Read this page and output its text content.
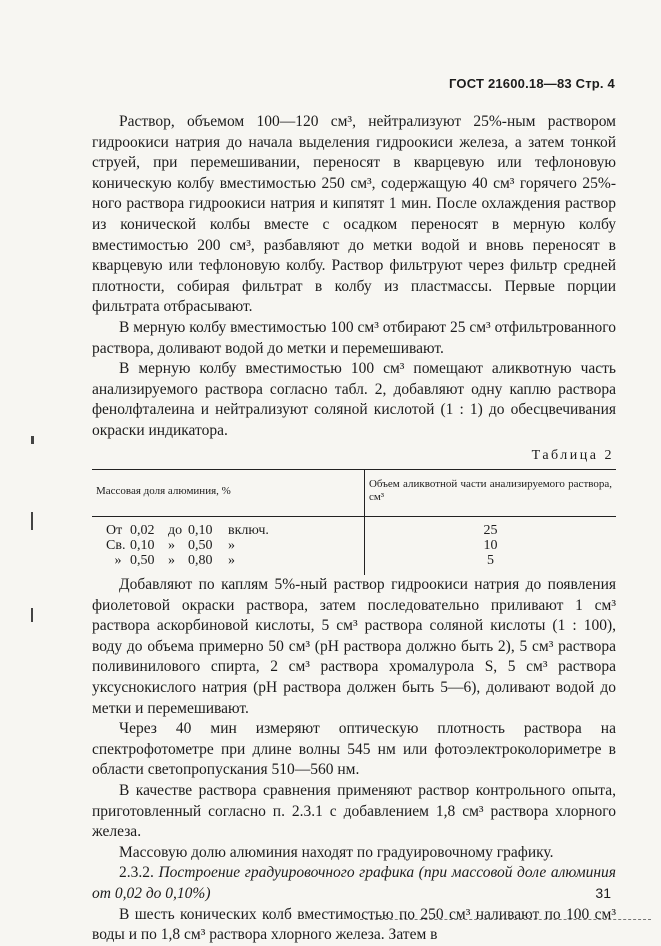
ГОСТ 21600.18—83 Стр. 4

Раствор, объемом 100—120 см³, нейтрализуют 25%-ным раствором гидроокиси натрия до начала выделения гидроокиси железа, а затем тонкой струей, при перемешивании, переносят в кварцевую или тефлоновую коническую колбу вместимостью 250 см³, содержащую 40 см³ горячего 25%-ного раствора гидроокиси натрия и кипятят 1 мин. После охлаждения раствор из конической колбы вместе с осадком переносят в мерную колбу вместимостью 200 см³, разбавляют до метки водой и вновь переносят в кварцевую или тефлоновую колбу. Раствор фильтруют через фильтр средней плотности, собирая фильтрат в колбу из пластмассы. Первые порции фильтрата отбрасывают.

В мерную колбу вместимостью 100 см³ отбирают 25 см³ отфильтрованного раствора, доливают водой до метки и перемешивают.

В мерную колбу вместимостью 100 см³ помещают аликвотную часть анализируемого раствора согласно табл. 2, добавляют одну каплю раствора фенолфталеина и нейтрализуют соляной кислотой (1 : 1) до обесцвечивания окраски индикатора.

Таблица 2
Массовая доля алюминия, %	Объем аликвотной части анализируемого раствора, см³
От 0,02 до 0,10 включ.	25
Св. 0,10 » 0,50 »	10
» 0,50 » 0,80 »	5

Добавляют по каплям 5%-ный раствор гидроокиси натрия до появления фиолетовой окраски раствора, затем последовательно приливают 1 см³ раствора аскорбиновой кислоты, 5 см³ раствора соляной кислоты (1 : 100), воду до объема примерно 50 см³ (pH раствора должно быть 2), 5 см³ раствора поливинилового спирта, 2 см³ раствора хромалурола S, 5 см³ раствора уксуснокислого натрия (pH раствора должен быть 5—6), доливают водой до метки и перемешивают.

Через 40 мин измеряют оптическую плотность раствора на спектрофотометре при длине волны 545 нм или фотоэлектроколориметре в области светопропускания 510—560 нм.

В качестве раствора сравнения применяют раствор контрольного опыта, приготовленный согласно п. 2.3.1 с добавлением 1,8 см³ раствора хлорного железа.

Массовую долю алюминия находят по градуировочному графику.

2.3.2. Построение градуировочного графика (при массовой доле алюминия от 0,02 до 0,10%)

В шесть конических колб вместимостью по 250 см³ наливают по 100 см³ воды и по 1,8 см³ раствора хлорного железа. Затем в

31
